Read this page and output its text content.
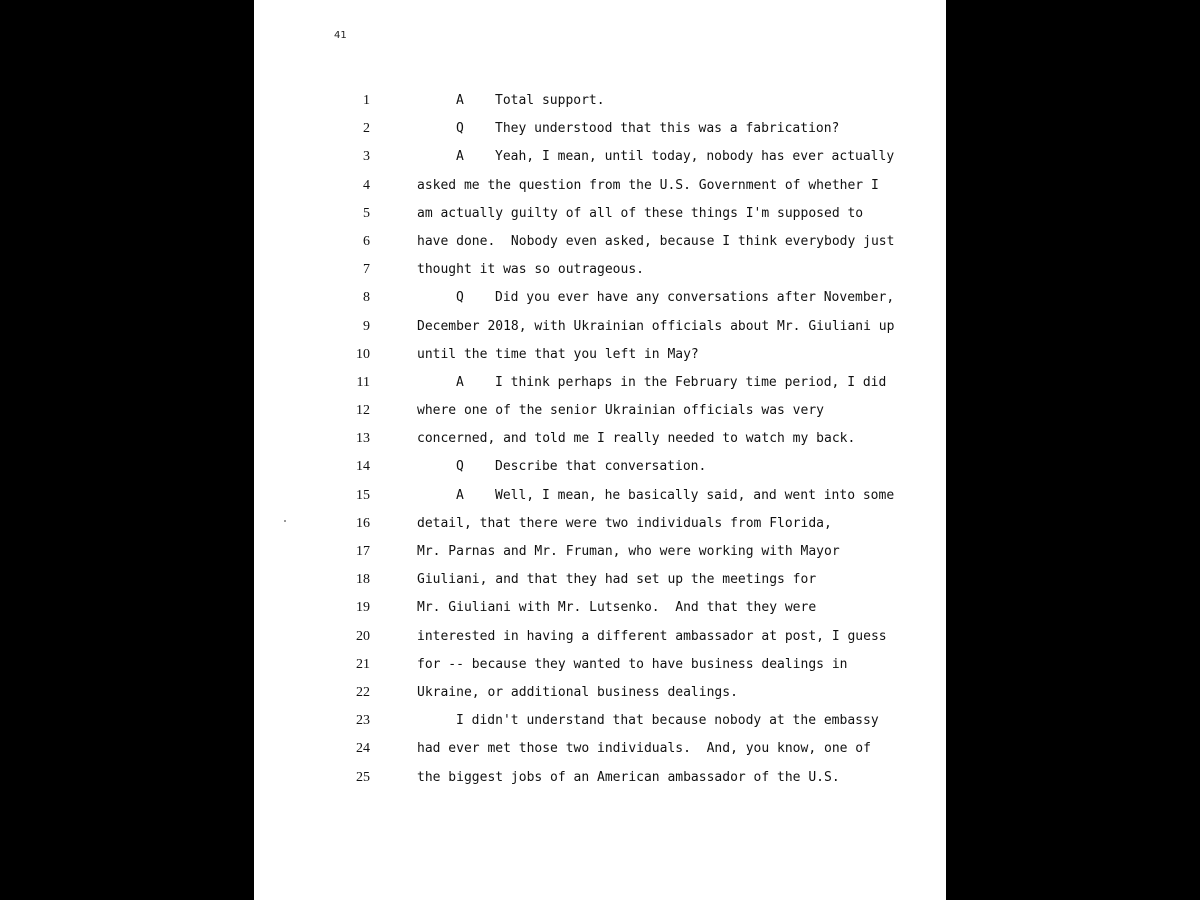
41
1	A Total support.
2	Q They understood that this was a fabrication?
3	A Yeah, I mean, until today, nobody has ever actually
4	asked me the question from the U.S. Government of whether I
5	am actually guilty of all of these things I'm supposed to
6	have done.  Nobody even asked, because I think everybody just
7	thought it was so outrageous.
8	Q Did you ever have any conversations after November,
9	December 2018, with Ukrainian officials about Mr. Giuliani up
10	until the time that you left in May?
11	A I think perhaps in the February time period, I did
12	where one of the senior Ukrainian officials was very
13	concerned, and told me I really needed to watch my back.
14	Q Describe that conversation.
15	A Well, I mean, he basically said, and went into some
16	detail, that there were two individuals from Florida,
17	Mr. Parnas and Mr. Fruman, who were working with Mayor
18	Giuliani, and that they had set up the meetings for
19	Mr. Giuliani with Mr. Lutsenko.  And that they were
20	interested in having a different ambassador at post, I guess
21	for -- because they wanted to have business dealings in
22	Ukraine, or additional business dealings.
23	I didn't understand that because nobody at the embassy
24	had ever met those two individuals.  And, you know, one of
25	the biggest jobs of an American ambassador of the U.S.
